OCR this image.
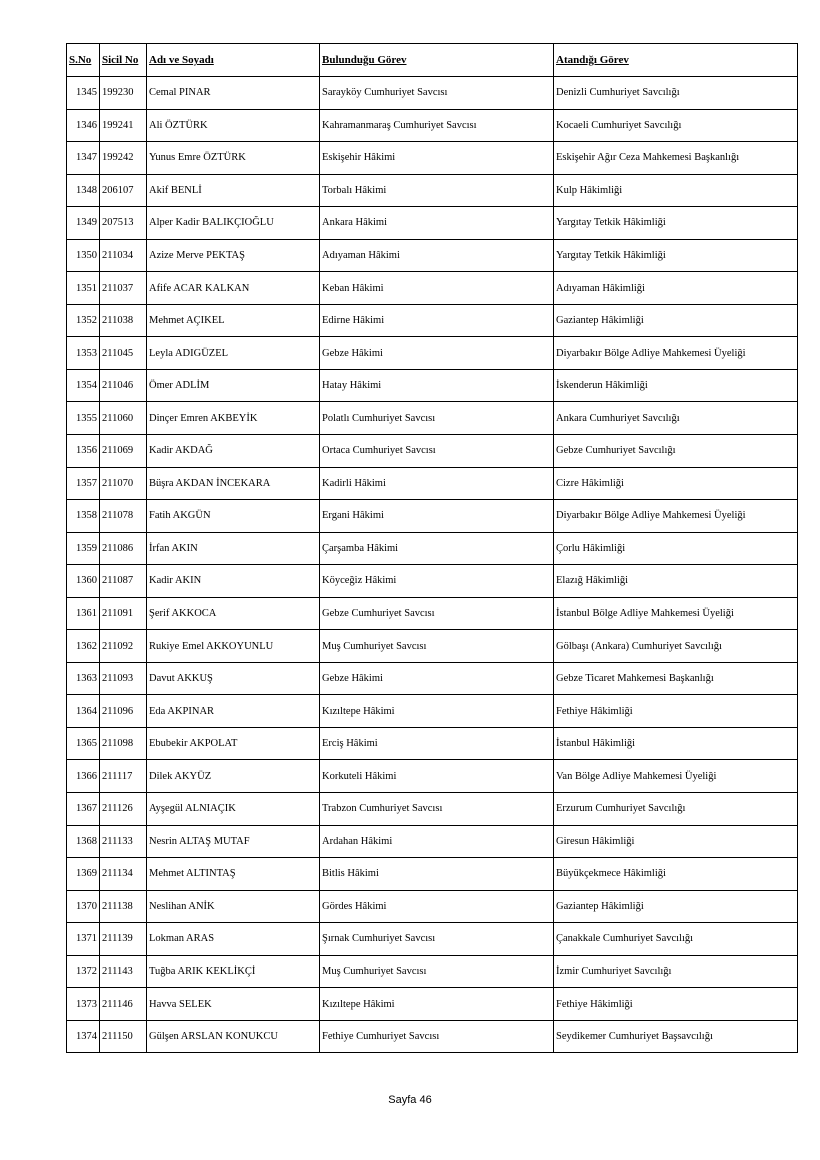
S.No	Sicil No	Adı ve Soyadı	Bulunduğu Görev	Atandığı Görev
1345	199230	Cemal PINAR	Sarayköy Cumhuriyet Savcısı	Denizli Cumhuriyet Savcılığı
1346	199241	Ali ÖZTÜRK	Kahramanmaraş Cumhuriyet Savcısı	Kocaeli Cumhuriyet Savcılığı
1347	199242	Yunus Emre ÖZTÜRK	Eskişehir Hâkimi	Eskişehir Ağır Ceza Mahkemesi Başkanlığı
1348	206107	Akif BENLİ	Torbalı Hâkimi	Kulp Hâkimliği
1349	207513	Alper Kadir BALIKÇIOĞLU	Ankara Hâkimi	Yargıtay Tetkik Hâkimliği
1350	211034	Azize Merve PEKTAŞ	Adıyaman Hâkimi	Yargıtay Tetkik Hâkimliği
1351	211037	Afife ACAR KALKAN	Keban Hâkimi	Adıyaman Hâkimliği
1352	211038	Mehmet AÇIKEL	Edirne Hâkimi	Gaziantep Hâkimliği
1353	211045	Leyla ADIGÜZEL	Gebze Hâkimi	Diyarbakır Bölge Adliye Mahkemesi Üyeliği
1354	211046	Ömer ADLİM	Hatay Hâkimi	İskenderun Hâkimliği
1355	211060	Dinçer Emren AKBEYİK	Polatlı Cumhuriyet Savcısı	Ankara Cumhuriyet Savcılığı
1356	211069	Kadir AKDAĞ	Ortaca Cumhuriyet Savcısı	Gebze Cumhuriyet Savcılığı
1357	211070	Büşra AKDAN İNCEKARA	Kadirli Hâkimi	Cizre Hâkimliği
1358	211078	Fatih AKGÜN	Ergani Hâkimi	Diyarbakır Bölge Adliye Mahkemesi Üyeliği
1359	211086	İrfan AKIN	Çarşamba Hâkimi	Çorlu Hâkimliği
1360	211087	Kadir AKIN	Köyceğiz Hâkimi	Elazığ Hâkimliği
1361	211091	Şerif AKKOCA	Gebze Cumhuriyet Savcısı	İstanbul Bölge Adliye Mahkemesi Üyeliği
1362	211092	Rukiye Emel AKKOYUNLU	Muş Cumhuriyet Savcısı	Gölbaşı (Ankara) Cumhuriyet Savcılığı
1363	211093	Davut AKKUŞ	Gebze Hâkimi	Gebze Ticaret Mahkemesi Başkanlığı
1364	211096	Eda AKPINAR	Kızıltepe Hâkimi	Fethiye Hâkimliği
1365	211098	Ebubekir AKPOLAT	Erciş Hâkimi	İstanbul Hâkimliği
1366	211117	Dilek AKYÜZ	Korkuteli Hâkimi	Van Bölge Adliye Mahkemesi Üyeliği
1367	211126	Ayşegül ALNIAÇIK	Trabzon Cumhuriyet Savcısı	Erzurum Cumhuriyet Savcılığı
1368	211133	Nesrin ALTAŞ MUTAF	Ardahan Hâkimi	Giresun Hâkimliği
1369	211134	Mehmet ALTINTAŞ	Bitlis Hâkimi	Büyükçekmece Hâkimliği
1370	211138	Neslihan ANİK	Gördes Hâkimi	Gaziantep Hâkimliği
1371	211139	Lokman ARAS	Şırnak Cumhuriyet Savcısı	Çanakkale Cumhuriyet Savcılığı
1372	211143	Tuğba ARIK KEKLİKÇİ	Muş Cumhuriyet Savcısı	İzmir Cumhuriyet Savcılığı
1373	211146	Havva SELEK	Kızıltepe Hâkimi	Fethiye Hâkimliği
1374	211150	Gülşen ARSLAN KONUKCU	Fethiye Cumhuriyet Savcısı	Seydikemer Cumhuriyet Başsavcılığı
Sayfa 46
